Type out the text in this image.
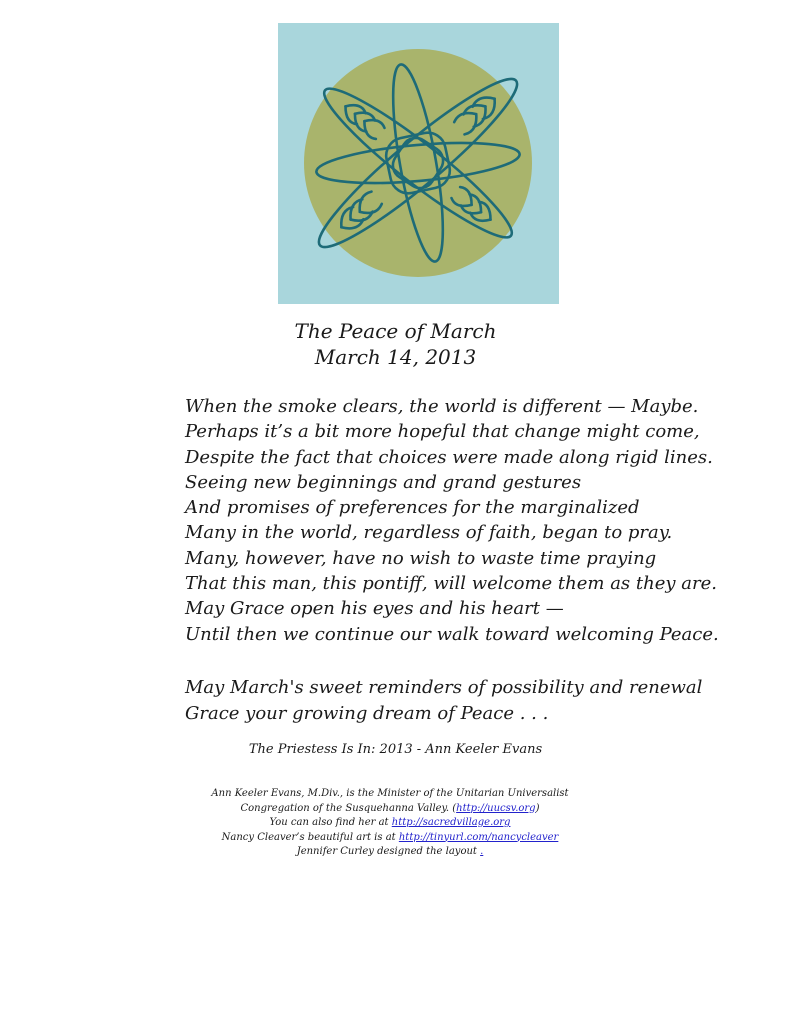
The Peace of March
March 14, 2013
When the smoke clears, the world is different — Maybe.
Perhaps it’s a bit more hopeful that change might come,
Despite the fact that choices were made along rigid lines.
Seeing new beginnings and grand gestures
And promises of preferences for the marginalized
Many in the world, regardless of faith, began to pray.
Many, however, have no wish to waste time praying
That this man, this pontiff, will welcome them as they are.
May Grace open his eyes and his heart —
Until then we continue our walk toward welcoming Peace.
May March's sweet reminders of possibility and renewal
Grace your growing dream of Peace . . .
The Priestess Is In: 2013 - Ann Keeler Evans
Ann Keeler Evans, M.Div., is the Minister of the Unitarian Universalist
Congregation of the Susquehanna Valley. (http://uucsv.org)
You can also find her at http://sacredvillage.org
Nancy Cleaver’s beautiful art is at http://tinyurl.com/nancycleaver
Jennifer Curley designed the layout .
